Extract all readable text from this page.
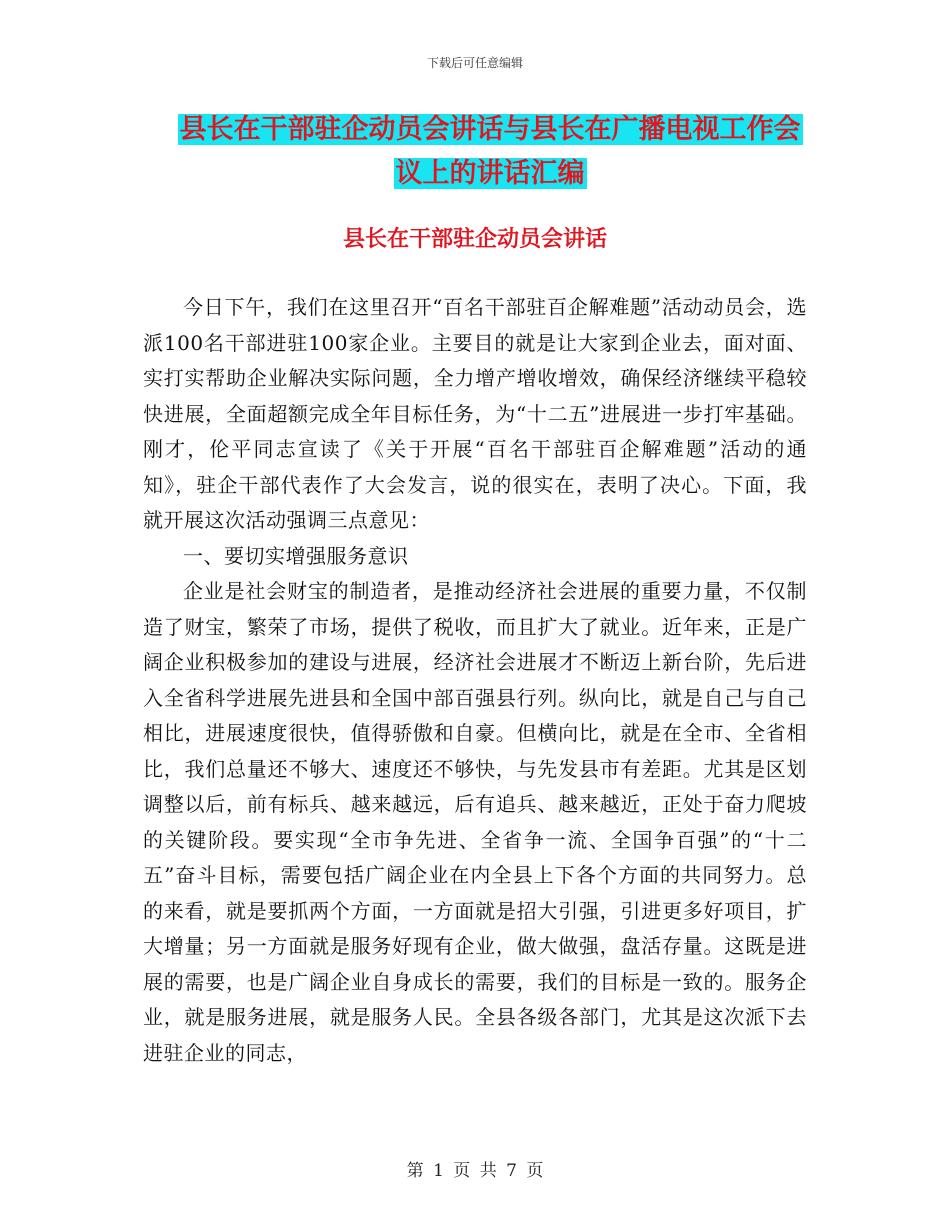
下载后可任意编辑
县长在干部驻企动员会讲话与县长在广播电视工作会
议上的讲话汇编
县长在干部驻企动员会讲话

今日下午，我们在这里召开“百名干部驻百企解难题”活动动员会，选派100名干部进驻100家企业。主要目的就是让大家到企业去，面对面、实打实帮助企业解决实际问题，全力增产增收增效，确保经济继续平稳较快进展，全面超额完成全年目标任务，为“十二五”进展进一步打牢基础。刚才，伦平同志宣读了《关于开展“百名干部驻百企解难题”活动的通知》，驻企干部代表作了大会发言，说的很实在，表明了决心。下面，我就开展这次活动强调三点意见：

一、要切实增强服务意识

企业是社会财宝的制造者，是推动经济社会进展的重要力量，不仅制造了财宝，繁荣了市场，提供了税收，而且扩大了就业。近年来，正是广阔企业积极参加的建设与进展，经济社会进展才不断迈上新台阶，先后进入全省科学进展先进县和全国中部百强县行列。纵向比，就是自己与自己相比，进展速度很快，值得骄傲和自豪。但横向比，就是在全市、全省相比，我们总量还不够大、速度还不够快，与先发县市有差距。尤其是区划调整以后，前有标兵、越来越远，后有追兵、越来越近，正处于奋力爬坡的关键阶段。要实现“全市争先进、全省争一流、全国争百强”的“十二五”奋斗目标，需要包括广阔企业在内全县上下各个方面的共同努力。总的来看，就是要抓两个方面，一方面就是招大引强，引进更多好项目，扩大增量；另一方面就是服务好现有企业，做大做强，盘活存量。这既是进展的需要，也是广阔企业自身成长的需要，我们的目标是一致的。服务企业，就是服务进展，就是服务人民。全县各级各部门，尤其是这次派下去进驻企业的同志，

第 1 页 共 7 页
